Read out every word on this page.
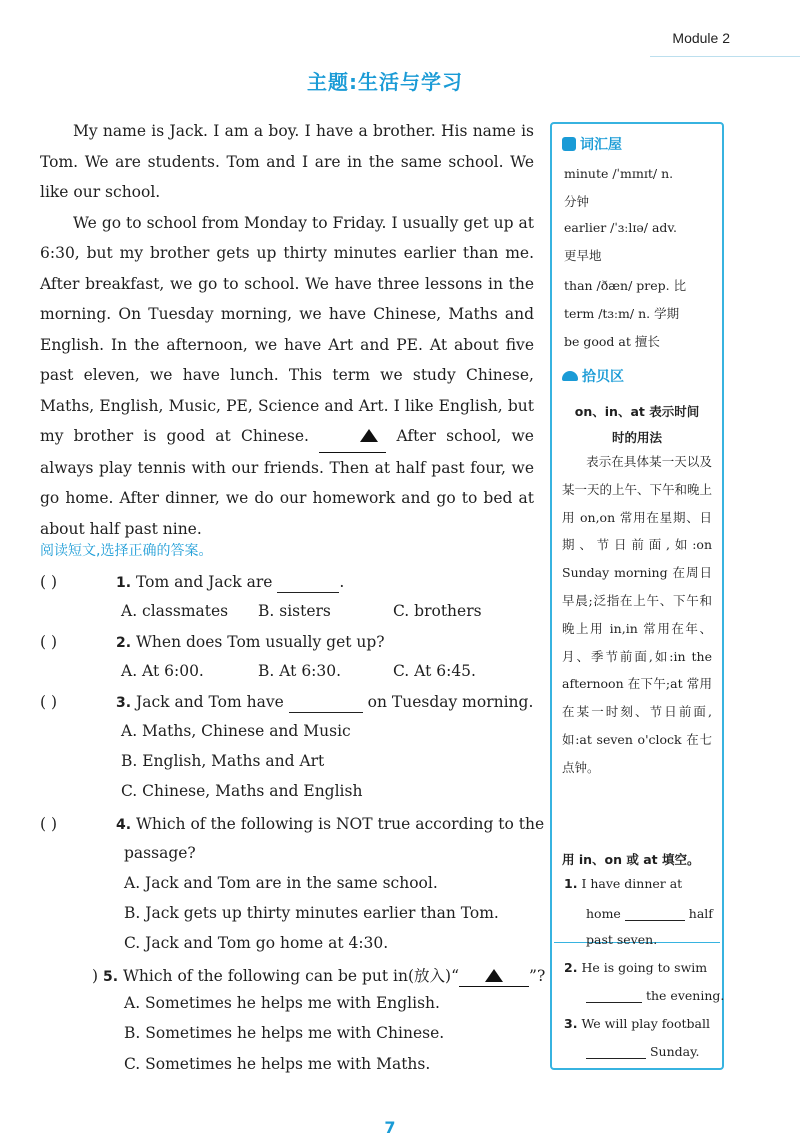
Module 2
主题:生活与学习

My name is Jack. I am a boy. I have a brother. His name is Tom. We are students. Tom and I are in the same school. We like our school.

We go to school from Monday to Friday. I usually get up at 6:30, but my brother gets up thirty minutes earlier than me. After breakfast, we go to school. We have three lessons in the morning. On Tuesday morning, we have Chinese, Maths and English. In the afternoon, we have Art and PE. At about five past eleven, we have lunch. This term we study Chinese, Maths, English, Music, PE, Science and Art. I like English, but my brother is good at Chinese.	After school, we always play tennis with our friends. Then at half past four, we go home. After dinner, we do our homework and go to bed at about half past nine.

阅读短文,选择正确的答案。
( )	1. Tom and Jack are	.
A. classmates B. sisters	C. brothers
( )	2. When does Tom usually get up?
A. At 6:00.	B. At 6:30.	C. At 6:45.
( )	3. Jack and Tom have	on Tuesday morning.
A. Maths, Chinese and Music
B. English, Maths and Art
C. Chinese, Maths and English
( )	4. Which of the following is NOT true according to the
passage?
A. Jack and Tom are in the same school.
B. Jack gets up thirty minutes earlier than Tom.
C. Jack and Tom go home at 4:30.
) 5. Which of the following can be put in(放入)“	”?
A. Sometimes he helps me with English.
B. Sometimes he helps me with Chinese.
C. Sometimes he helps me with Maths.
词汇屋
minute /ˈmɪnɪt/ n.
分钟
earlier /ˈɜːlɪə/ adv.
更早地
than /ðæn/ prep. 比
term /tɜːm/ n. 学期
be good at 擅长
拾贝区
on、in、at 表示时间
时的用法
表示在具体某一天以及某一天的上午、下午和晚上用 on,on 常用在星期、日期、节日前面,如:on Sunday morning 在周日早晨;泛指在上午、下午和晚上用 in,in 常用在年、月、季节前面,如:in the afternoon 在下午;at 常用在某一时刻、节日前面,如:at seven o'clock 在七点钟。
用 in、on 或 at 填空。
1. I have dinner at
home	half
past seven.
2. He is going to swim
the evening.
3. We will play football
Sunday.
7
